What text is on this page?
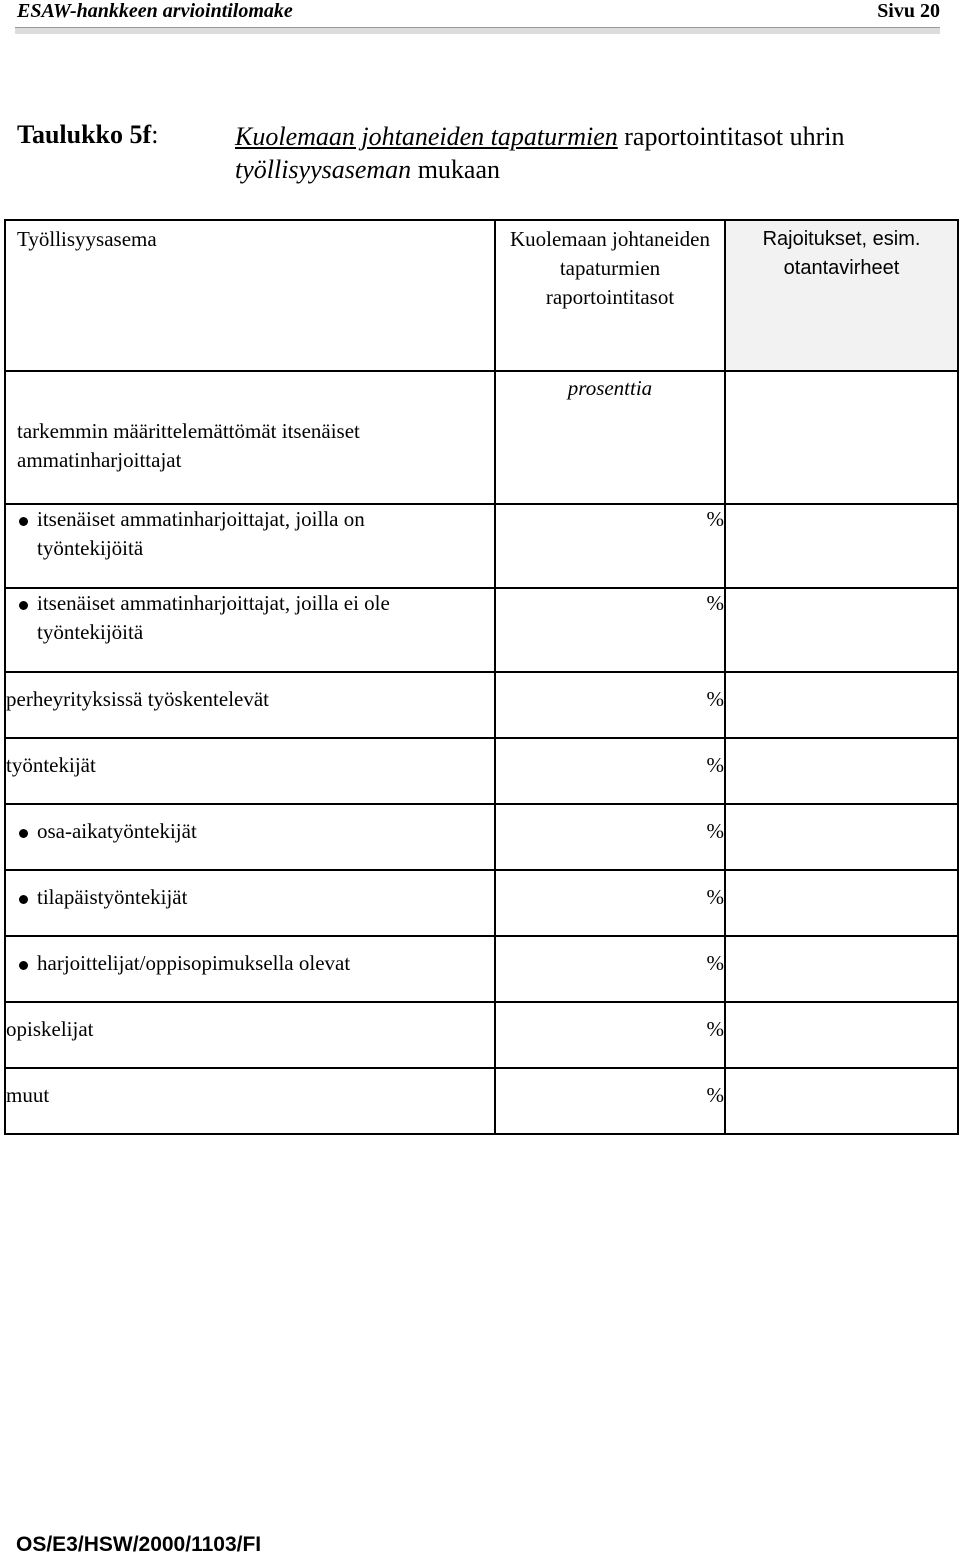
ESAW-hankkeen arviointilomake	Sivu 20
Taulukko 5f:	Kuolemaan johtaneiden tapaturmien raportointitasot uhrin työllisyysaseman mukaan
Työllisyysasema	Kuolemaan johtaneiden tapaturmien raportointitasot	Rajoitukset, esim. otantavirheet
tarkemmin määrittelemättömät itsenäiset ammatinharjoittajat	prosenttia	

itsenäiset ammatinharjoittajat, joilla on työntekijöitä	%	

itsenäiset ammatinharjoittajat, joilla ei ole työntekijöitä	%	
perheyrityksissä työskentelevät	%	
työntekijät	%	

osa-aikatyöntekijät	%	

tilapäistyöntekijät	%	

harjoittelijat/oppisopimuksella olevat	%	
opiskelijat	%	
muut	%	
OS/E3/HSW/2000/1103/FI
